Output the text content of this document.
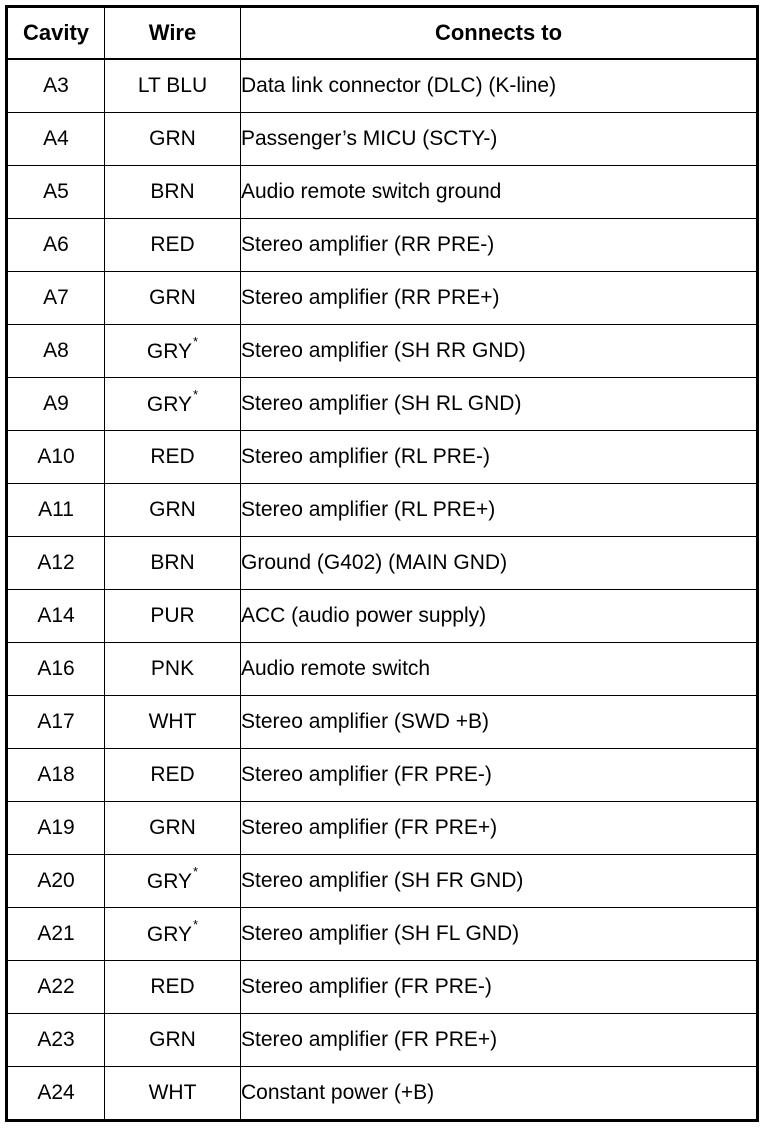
Cavity	Wire	Connects to
A3	LT BLU	Data link connector (DLC) (K-line)
A4	GRN	Passenger’s MICU (SCTY-)
A5	BRN	Audio remote switch ground
A6	RED	Stereo amplifier (RR PRE-)
A7	GRN	Stereo amplifier (RR PRE+)
A8	GRY*	Stereo amplifier (SH RR GND)
A9	GRY*	Stereo amplifier (SH RL GND)
A10	RED	Stereo amplifier (RL PRE-)
A11	GRN	Stereo amplifier (RL PRE+)
A12	BRN	Ground (G402) (MAIN GND)
A14	PUR	ACC (audio power supply)
A16	PNK	Audio remote switch
A17	WHT	Stereo amplifier (SWD +B)
A18	RED	Stereo amplifier (FR PRE-)
A19	GRN	Stereo amplifier (FR PRE+)
A20	GRY*	Stereo amplifier (SH FR GND)
A21	GRY*	Stereo amplifier (SH FL GND)
A22	RED	Stereo amplifier (FR PRE-)
A23	GRN	Stereo amplifier (FR PRE+)
A24	WHT	Constant power (+B)
